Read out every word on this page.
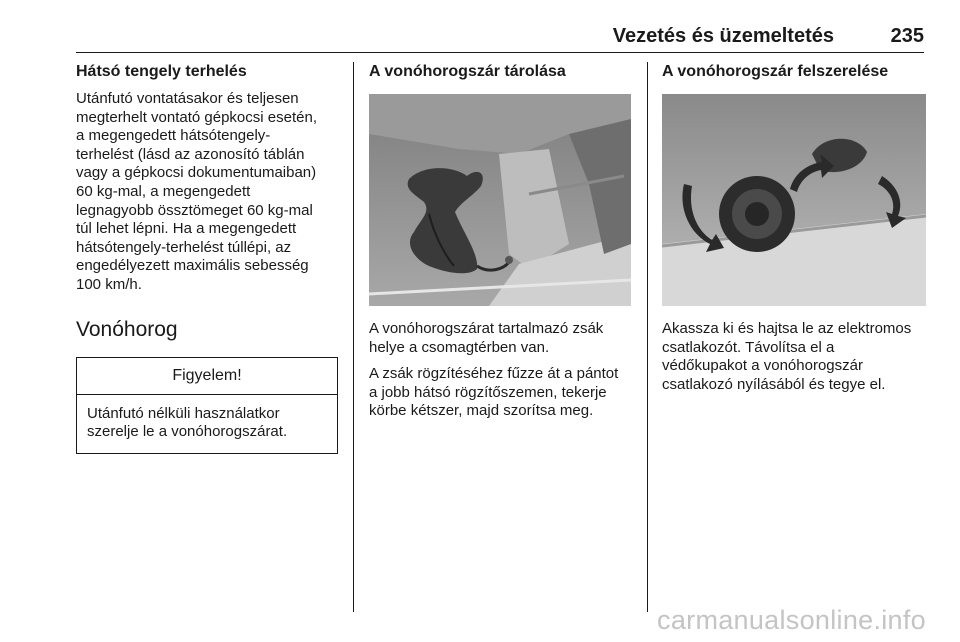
Vezetés és üzemeltetés	235
Hátsó tengely terhelés

Utánfutó vontatásakor és teljesen

megterhelt vontató gépkocsi esetén,

a megengedett hátsótengely-

terhelést (lásd az azonosító táblán

vagy a gépkocsi dokumentumaiban)

60 kg-mal, a megengedett

legnagyobb össztömeget 60 kg-mal

túl lehet lépni. Ha a megengedett

hátsótengely-terhelést túllépi, az

engedélyezett maximális sebesség

100 km/h.

Vonóhorog
Figyelem!
Utánfutó nélküli használatkor
szerelje le a vonóhorogszárat.
A vonóhorogszár tárolása

A vonóhorogszárat tartalmazó zsák

helye a csomagtérben van.

A zsák rögzítéséhez fűzze át a pántot

a jobb hátsó rögzítőszemen, tekerje

körbe kétszer, majd szorítsa meg.

A vonóhorogszár felszerelése

Akassza ki és hajtsa le az elektromos

csatlakozót. Távolítsa el a

védőkupakot a vonóhorogszár

csatlakozó nyílásából és tegye el.

carmanualsonline.info
